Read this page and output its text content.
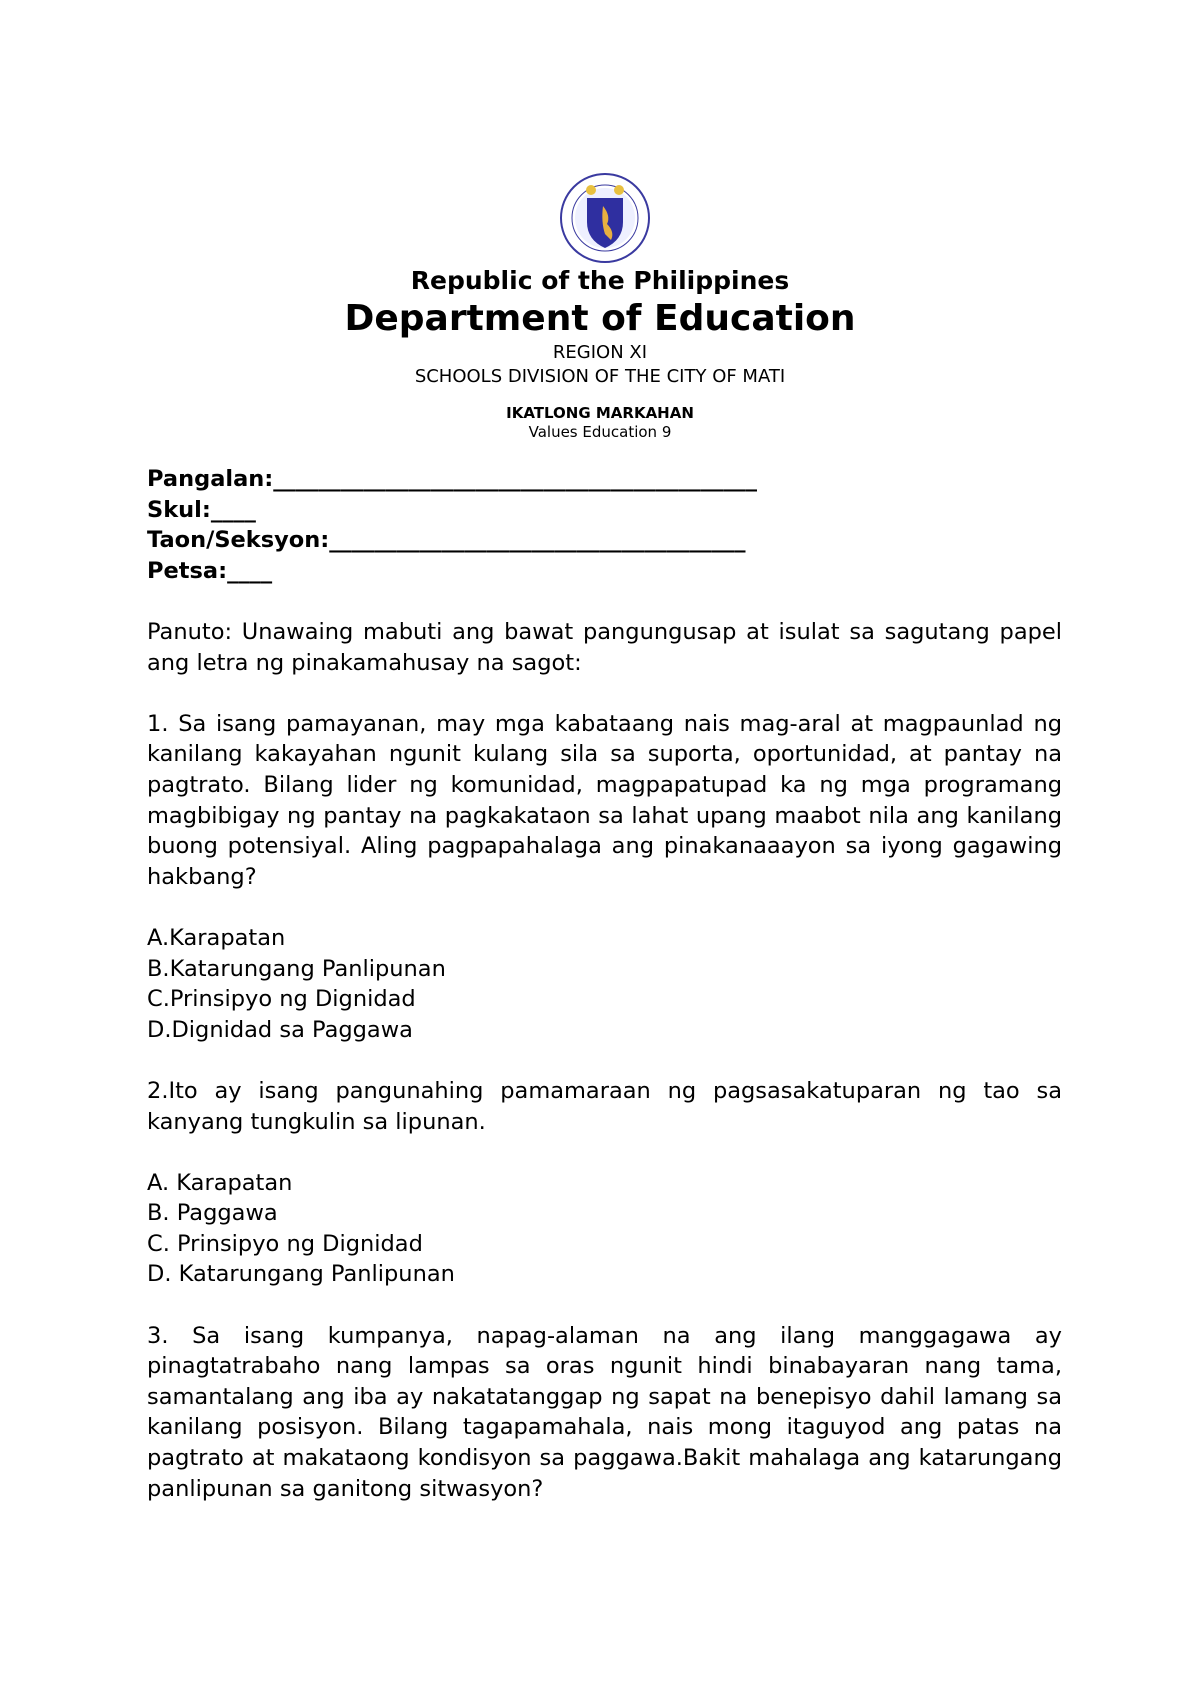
Republic of the Philippines
Department of Education
REGION XI
SCHOOLS DIVISION OF THE CITY OF MATI
IKATLONG MARKAHAN
Values Education 9

Pangalan:___________________________________________

Skul:____

Taon/Seksyon:_____________________________________

Petsa:____

Panuto: Unawaing mabuti ang bawat pangungusap at isulat sa sagutang papel ang letra ng pinakamahusay na sagot:

1. Sa isang pamayanan, may mga kabataang nais mag-aral at magpaunlad ng kanilang kakayahan ngunit kulang sila sa suporta, oportunidad, at pantay na pagtrato. Bilang lider ng komunidad, magpapatupad ka ng mga programang magbibigay ng pantay na pagkakataon sa lahat upang maabot nila ang kanilang buong potensiyal. Aling pagpapahalaga ang pinakanaaayon sa iyong gagawing hakbang?

A.Karapatan

B.Katarungang Panlipunan

C.Prinsipyo ng Dignidad

D.Dignidad sa Paggawa

2.Ito ay isang pangunahing pamamaraan ng pagsasakatuparan ng tao sa kanyang tungkulin sa lipunan.

A. Karapatan

B. Paggawa

C. Prinsipyo ng Dignidad

D. Katarungang Panlipunan

3. Sa isang kumpanya, napag-alaman na ang ilang manggagawa ay pinagtatrabaho nang lampas sa oras ngunit hindi binabayaran nang tama, samantalang ang iba ay nakatatanggap ng sapat na benepisyo dahil lamang sa kanilang posisyon. Bilang tagapamahala, nais mong itaguyod ang patas na pagtrato at makataong kondisyon sa paggawa.Bakit mahalaga ang katarungang panlipunan sa ganitong sitwasyon?
